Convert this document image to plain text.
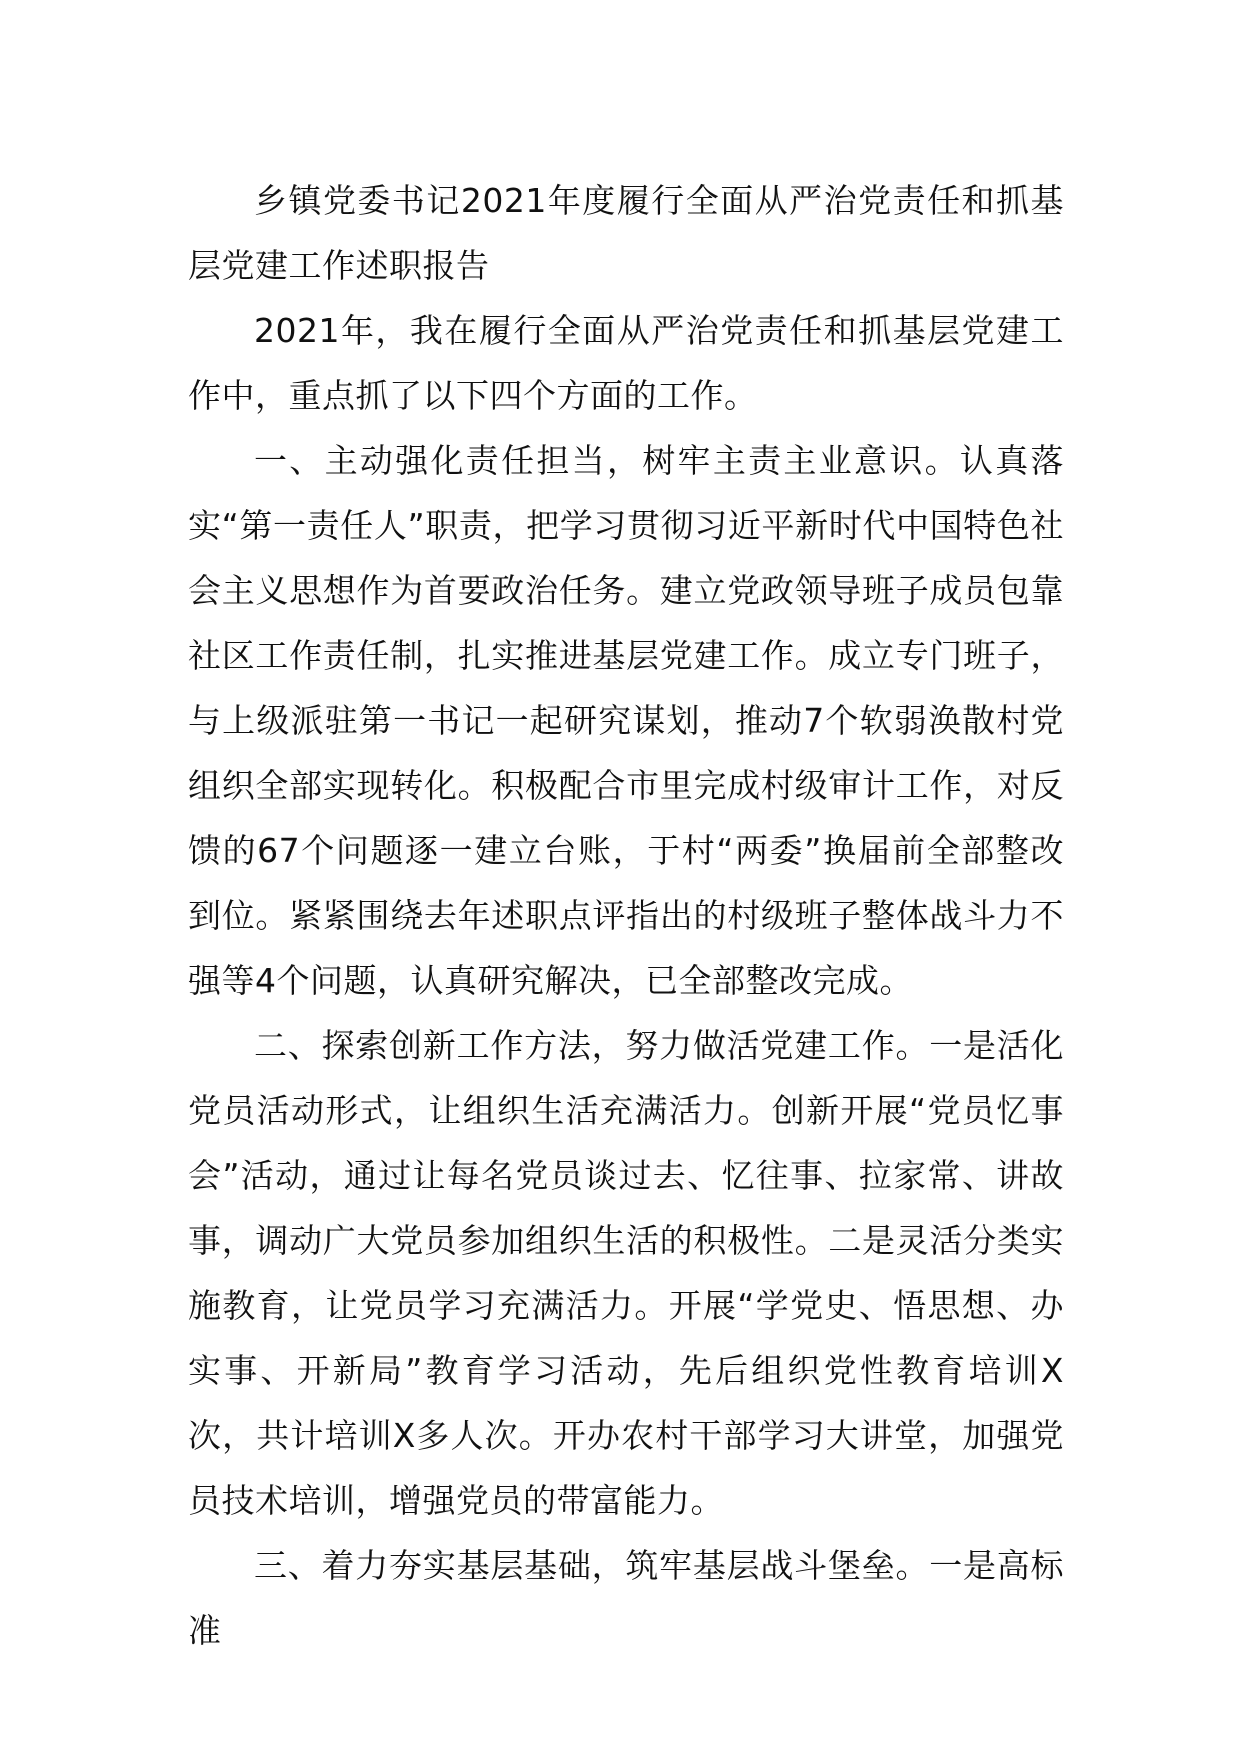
乡镇党委书记2021年度履行全面从严治党责任和抓基层党建工作述职报告

2021年，我在履行全面从严治党责任和抓基层党建工作中，重点抓了以下四个方面的工作。

一、主动强化责任担当，树牢主责主业意识。认真落实“第一责任人”职责，把学习贯彻习近平新时代中国特色社会主义思想作为首要政治任务。建立党政领导班子成员包靠社区工作责任制，扎实推进基层党建工作。成立专门班子，与上级派驻第一书记一起研究谋划，推动7个软弱涣散村党组织全部实现转化。积极配合市里完成村级审计工作，对反馈的67个问题逐一建立台账，于村“两委”换届前全部整改到位。紧紧围绕去年述职点评指出的村级班子整体战斗力不强等4个问题，认真研究解决，已全部整改完成。

二、探索创新工作方法，努力做活党建工作。一是活化党员活动形式，让组织生活充满活力。创新开展“党员忆事会”活动，通过让每名党员谈过去、忆往事、拉家常、讲故事，调动广大党员参加组织生活的积极性。二是灵活分类实施教育，让党员学习充满活力。开展“学党史、悟思想、办实事、开新局”教育学习活动，先后组织党性教育培训X次，共计培训X多人次。开办农村干部学习大讲堂，加强党员技术培训，增强党员的带富能力。

三、着力夯实基层基础，筑牢基层战斗堡垒。一是高标准
